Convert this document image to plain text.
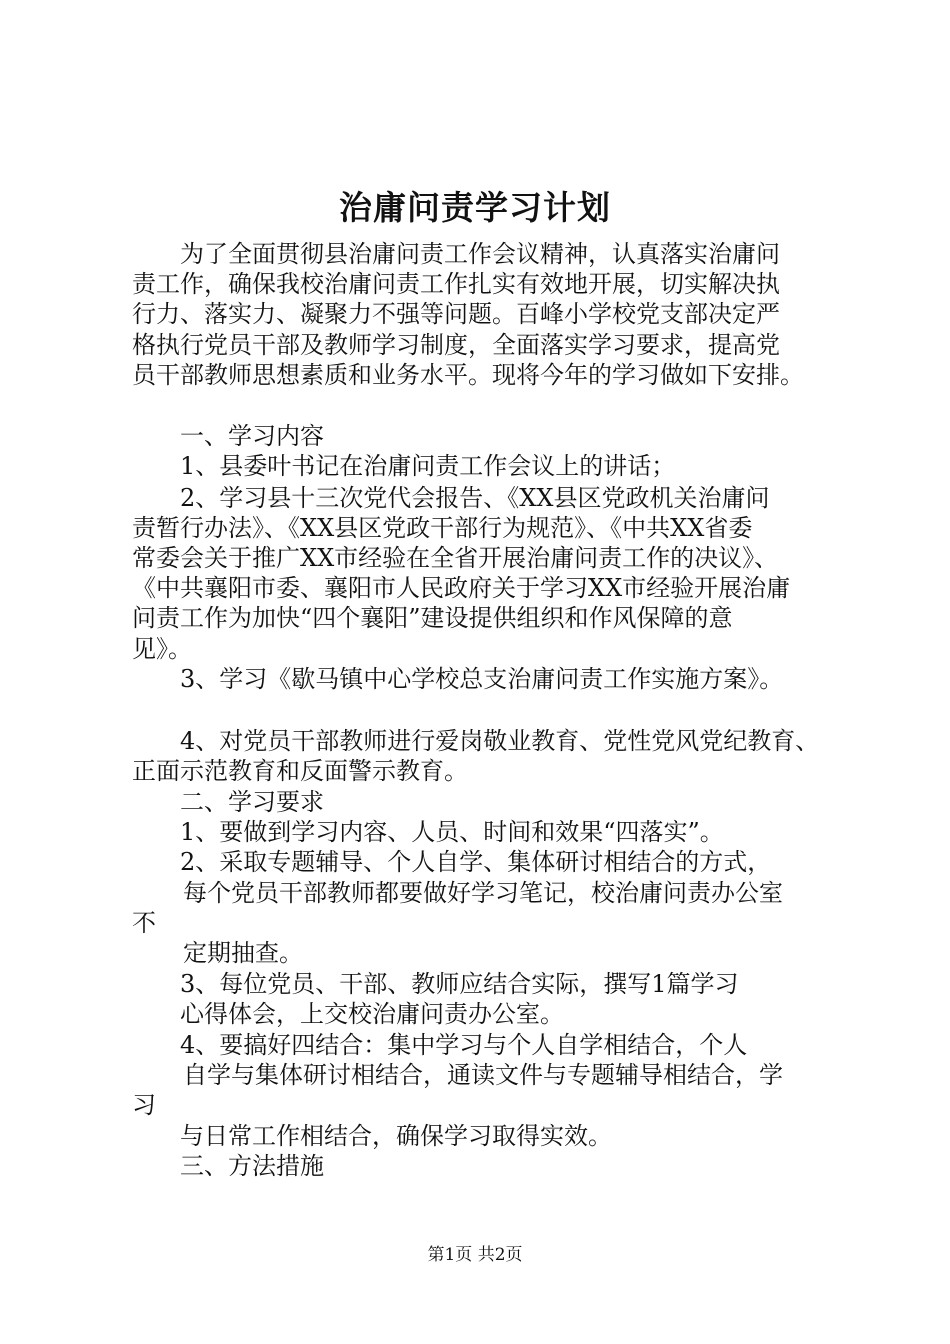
治庸问责学习计划

为了全面贯彻县治庸问责工作会议精神，认真落实治庸问

责工作，确保我校治庸问责工作扎实有效地开展，切实解决执

行力、落实力、凝聚力不强等问题。百峰小学校党支部决定严

格执行党员干部及教师学习制度，全面落实学习要求，提高党

员干部教师思想素质和业务水平。现将今年的学习做如下安排。

一、学习内容

1、县委叶书记在治庸问责工作会议上的讲话；

2、学习县十三次党代会报告、《XX县区党政机关治庸问

责暂行办法》、《XX县区党政干部行为规范》、《中共XX省委

常委会关于推广XX市经验在全省开展治庸问责工作的决议》、

《中共襄阳市委、襄阳市人民政府关于学习XX市经验开展治庸

问责工作为加快“四个襄阳”建设提供组织和作风保障的意

见》。

3、学习《歇马镇中心学校总支治庸问责工作实施方案》。

4、对党员干部教师进行爱岗敬业教育、党性党风党纪教育、

正面示范教育和反面警示教育。

二、学习要求

1、要做到学习内容、人员、时间和效果“四落实”。

2、采取专题辅导、个人自学、集体研讨相结合的方式，

每个党员干部教师都要做好学习笔记，校治庸问责办公室

不

定期抽查。

3、每位党员、干部、教师应结合实际，撰写1篇学习

心得体会，上交校治庸问责办公室。

4、要搞好四结合：集中学习与个人自学相结合，个人

自学与集体研讨相结合，通读文件与专题辅导相结合，学

习

与日常工作相结合，确保学习取得实效。

三、方法措施

第1页 共2页
